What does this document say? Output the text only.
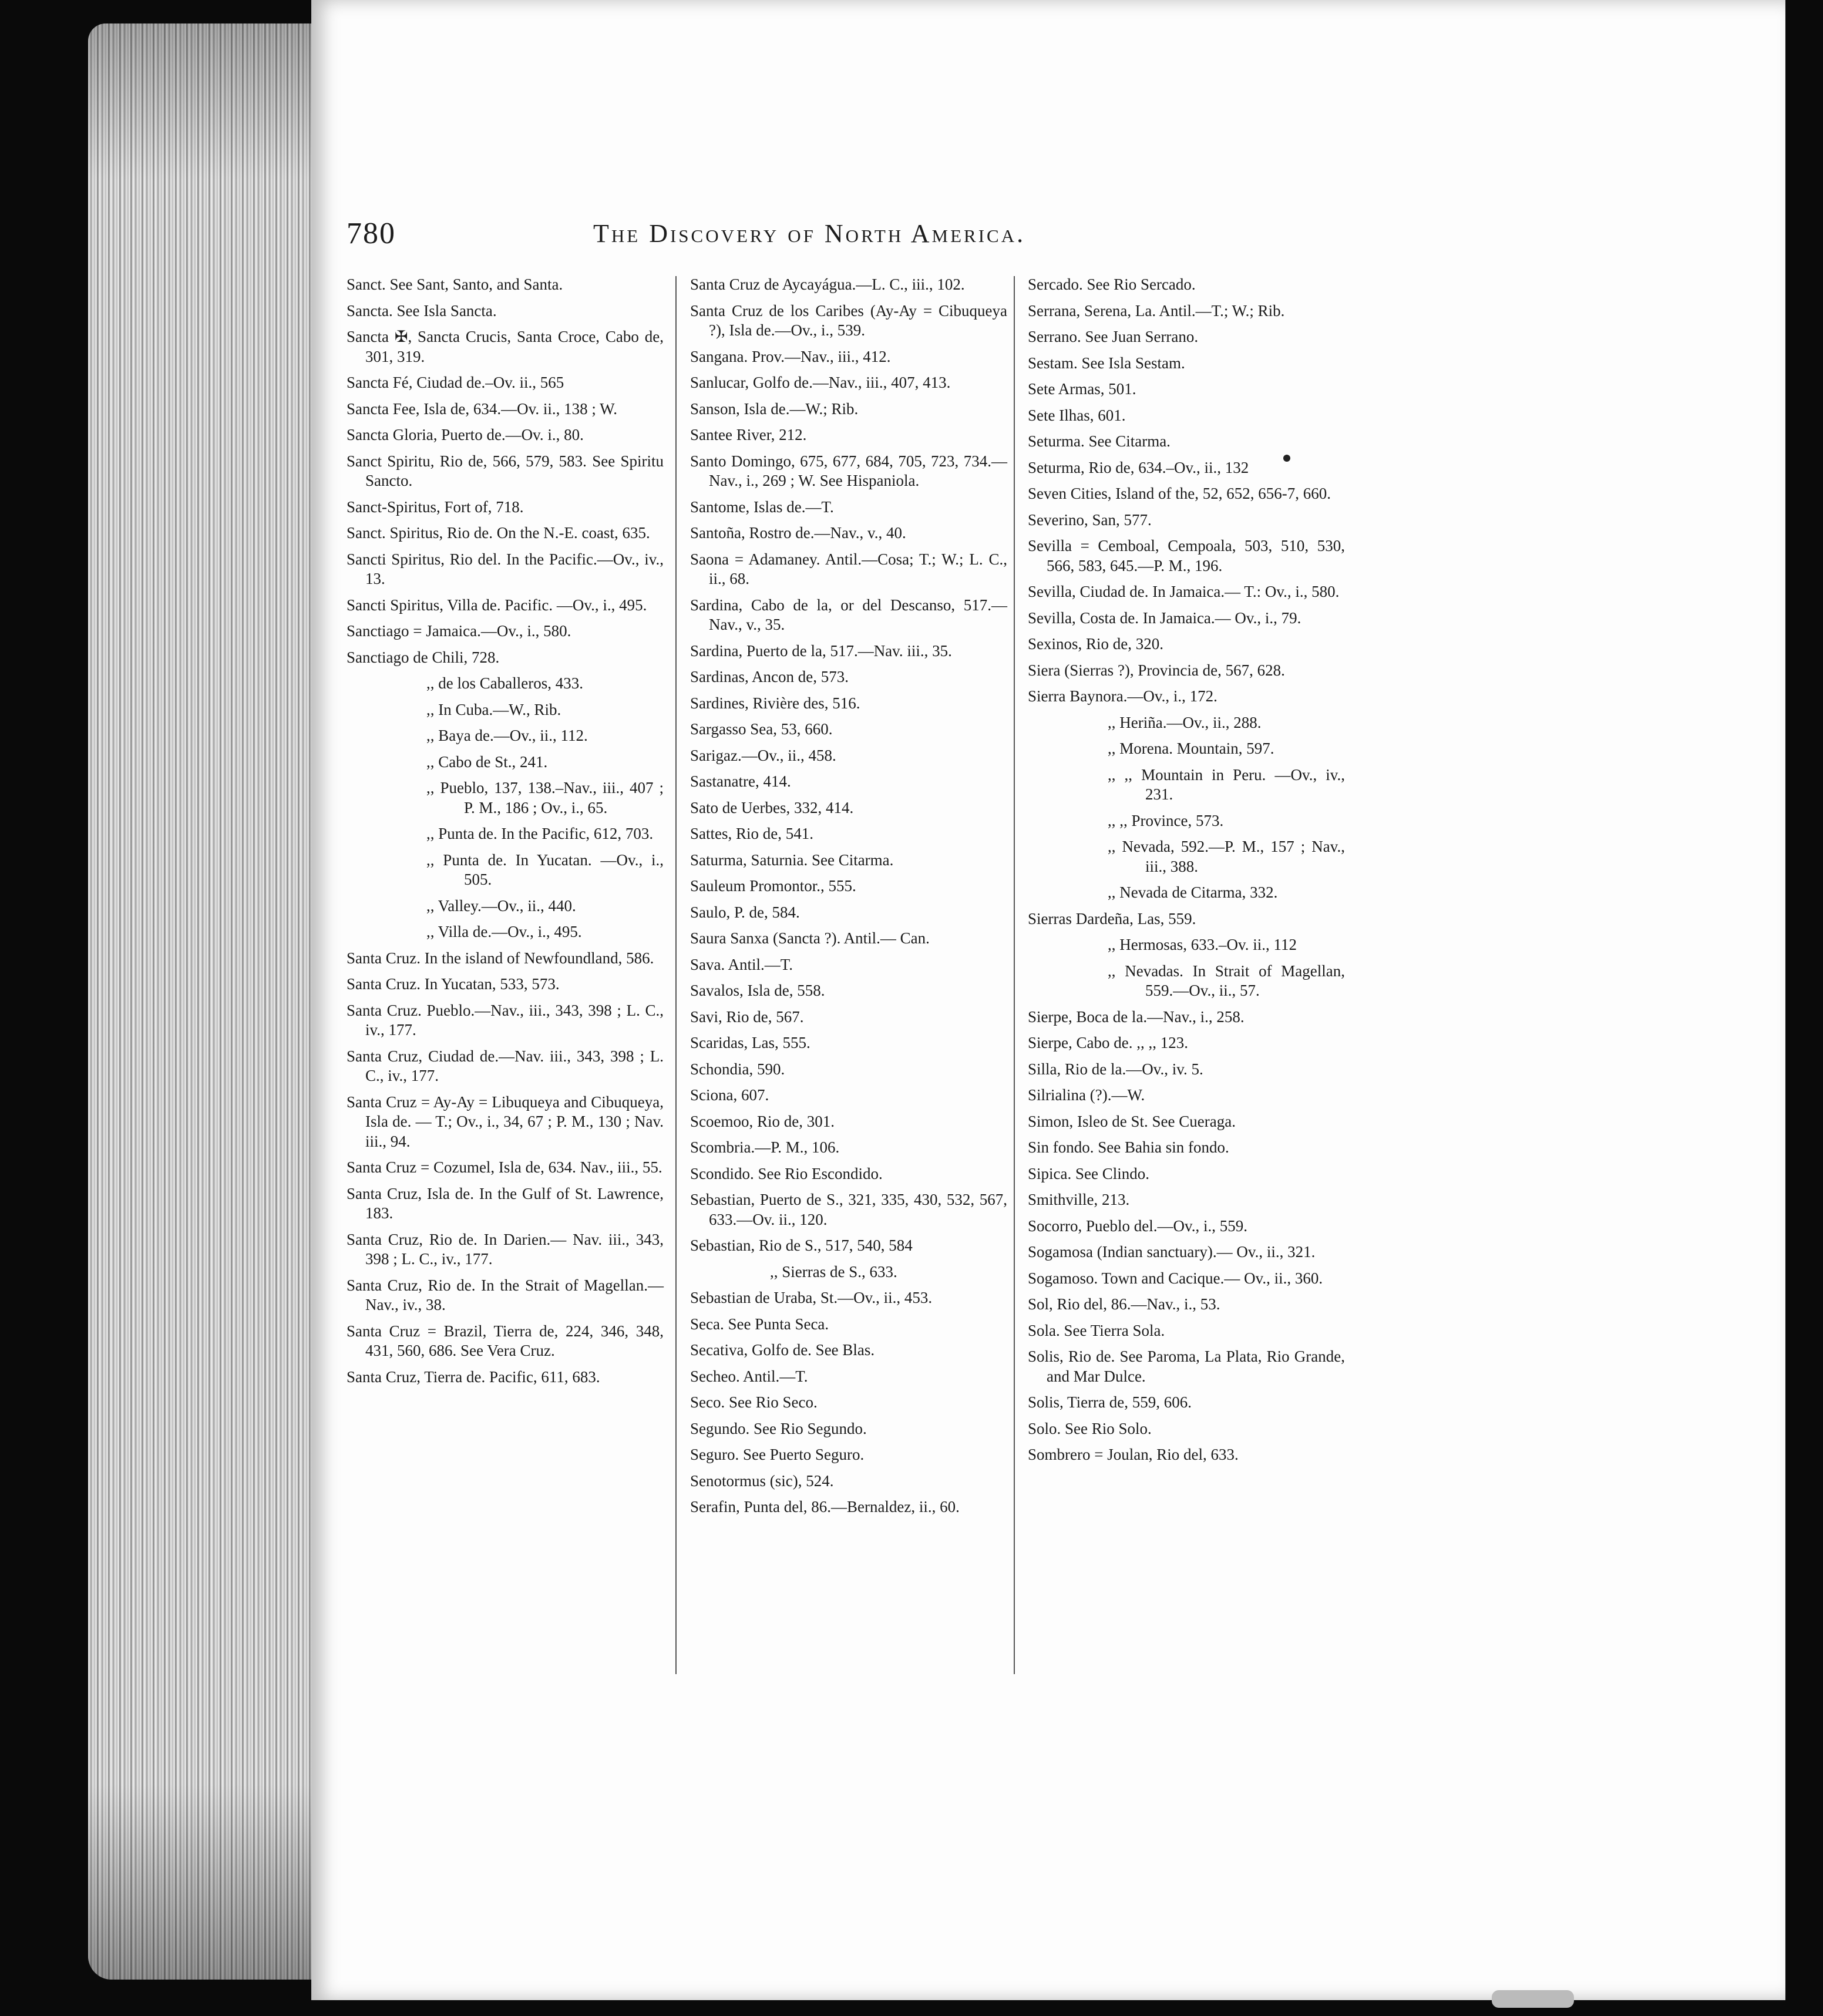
780	The Discovery of North America.

Sanct. See Sant, Santo, and Santa.

Sancta. See Isla Sancta.

Sancta ✠, Sancta Crucis, Santa Croce, Cabo de, 301, 319.

Sancta Fé, Ciudad de.–Ov. ii., 565

Sancta Fee, Isla de, 634.—Ov. ii., 138 ; W.

Sancta Gloria, Puerto de.—Ov. i., 80.

Sanct Spiritu, Rio de, 566, 579, 583. See Spiritu Sancto.

Sanct-Spiritus, Fort of, 718.

Sanct. Spiritus, Rio de. On the N.-E. coast, 635.

Sancti Spiritus, Rio del. In the Pacific.—Ov., iv., 13.

Sancti Spiritus, Villa de. Pacific. —Ov., i., 495.

Sanctiago = Jamaica.—Ov., i., 580.

Sanctiago de Chili, 728.

,, de los Caballeros, 433.

,, In Cuba.—W., Rib.

,, Baya de.—Ov., ii., 112.

,, Cabo de St., 241.

,, Pueblo, 137, 138.–Nav., iii., 407 ; P. M., 186 ; Ov., i., 65.

,, Punta de. In the Pacific, 612, 703.

,, Punta de. In Yucatan. —Ov., i., 505.

,, Valley.—Ov., ii., 440.

,, Villa de.—Ov., i., 495.

Santa Cruz. In the island of Newfoundland, 586.

Santa Cruz. In Yucatan, 533, 573.

Santa Cruz. Pueblo.—Nav., iii., 343, 398 ; L. C., iv., 177.

Santa Cruz, Ciudad de.—Nav. iii., 343, 398 ; L. C., iv., 177.

Santa Cruz = Ay-Ay = Libuqueya and Cibuqueya, Isla de. — T.; Ov., i., 34, 67 ; P. M., 130 ; Nav. iii., 94.

Santa Cruz = Cozumel, Isla de, 634. Nav., iii., 55.

Santa Cruz, Isla de. In the Gulf of St. Lawrence, 183.

Santa Cruz, Rio de. In Darien.— Nav. iii., 343, 398 ; L. C., iv., 177.

Santa Cruz, Rio de. In the Strait of Magellan.—Nav., iv., 38.

Santa Cruz = Brazil, Tierra de, 224, 346, 348, 431, 560, 686. See Vera Cruz.

Santa Cruz, Tierra de. Pacific, 611, 683.

Santa Cruz de Aycayágua.—L. C., iii., 102.

Santa Cruz de los Caribes (Ay-Ay = Cibuqueya ?), Isla de.—Ov., i., 539.

Sangana. Prov.—Nav., iii., 412.

Sanlucar, Golfo de.—Nav., iii., 407, 413.

Sanson, Isla de.—W.; Rib.

Santee River, 212.

Santo Domingo, 675, 677, 684, 705, 723, 734.—Nav., i., 269 ; W. See Hispaniola.

Santome, Islas de.—T.

Santoña, Rostro de.—Nav., v., 40.

Saona = Adamaney. Antil.—Cosa; T.; W.; L. C., ii., 68.

Sardina, Cabo de la, or del Descanso, 517.—Nav., v., 35.

Sardina, Puerto de la, 517.—Nav. iii., 35.

Sardinas, Ancon de, 573.

Sardines, Rivière des, 516.

Sargasso Sea, 53, 660.

Sarigaz.—Ov., ii., 458.

Sastanatre, 414.

Sato de Uerbes, 332, 414.

Sattes, Rio de, 541.

Saturma, Saturnia. See Citarma.

Sauleum Promontor., 555.

Saulo, P. de, 584.

Saura Sanxa (Sancta ?). Antil.— Can.

Sava. Antil.—T.

Savalos, Isla de, 558.

Savi, Rio de, 567.

Scaridas, Las, 555.

Schondia, 590.

Sciona, 607.

Scoemoo, Rio de, 301.

Scombria.—P. M., 106.

Scondido. See Rio Escondido.

Sebastian, Puerto de S., 321, 335, 430, 532, 567, 633.—Ov. ii., 120.

Sebastian, Rio de S., 517, 540, 584

,, Sierras de S., 633.

Sebastian de Uraba, St.—Ov., ii., 453.

Seca. See Punta Seca.

Secativa, Golfo de. See Blas.

Secheo. Antil.—T.

Seco. See Rio Seco.

Segundo. See Rio Segundo.

Seguro. See Puerto Seguro.

Senotormus (sic), 524.

Serafin, Punta del, 86.—Bernaldez, ii., 60.

Sercado. See Rio Sercado.

Serrana, Serena, La. Antil.—T.; W.; Rib.

Serrano. See Juan Serrano.

Sestam. See Isla Sestam.

Sete Armas, 501.

Sete Ilhas, 601.

Seturma. See Citarma.

Seturma, Rio de, 634.–Ov., ii., 132

Seven Cities, Island of the, 52, 652, 656-7, 660.

Severino, San, 577.

Sevilla = Cemboal, Cempoala, 503, 510, 530, 566, 583, 645.—P. M., 196.

Sevilla, Ciudad de. In Jamaica.— T.: Ov., i., 580.

Sevilla, Costa de. In Jamaica.— Ov., i., 79.

Sexinos, Rio de, 320.

Siera (Sierras ?), Provincia de, 567, 628.

Sierra Baynora.—Ov., i., 172.

,, Heriña.—Ov., ii., 288.

,, Morena. Mountain, 597.

,, ,, Mountain in Peru. —Ov., iv., 231.

,, ,, Province, 573.

,, Nevada, 592.—P. M., 157 ; Nav., iii., 388.

,, Nevada de Citarma, 332.

Sierras Dardeña, Las, 559.

,, Hermosas, 633.–Ov. ii., 112

,, Nevadas. In Strait of Magellan, 559.—Ov., ii., 57.

Sierpe, Boca de la.—Nav., i., 258.

Sierpe, Cabo de. ,, ,, 123.

Silla, Rio de la.—Ov., iv. 5.

Silrialina (?).—W.

Simon, Isleo de St. See Cueraga.

Sin fondo. See Bahia sin fondo.

Sipica. See Clindo.

Smithville, 213.

Socorro, Pueblo del.—Ov., i., 559.

Sogamosa (Indian sanctuary).— Ov., ii., 321.

Sogamoso. Town and Cacique.— Ov., ii., 360.

Sol, Rio del, 86.—Nav., i., 53.

Sola. See Tierra Sola.

Solis, Rio de. See Paroma, La Plata, Rio Grande, and Mar Dulce.

Solis, Tierra de, 559, 606.

Solo. See Rio Solo.

Sombrero = Joulan, Rio del, 633.
